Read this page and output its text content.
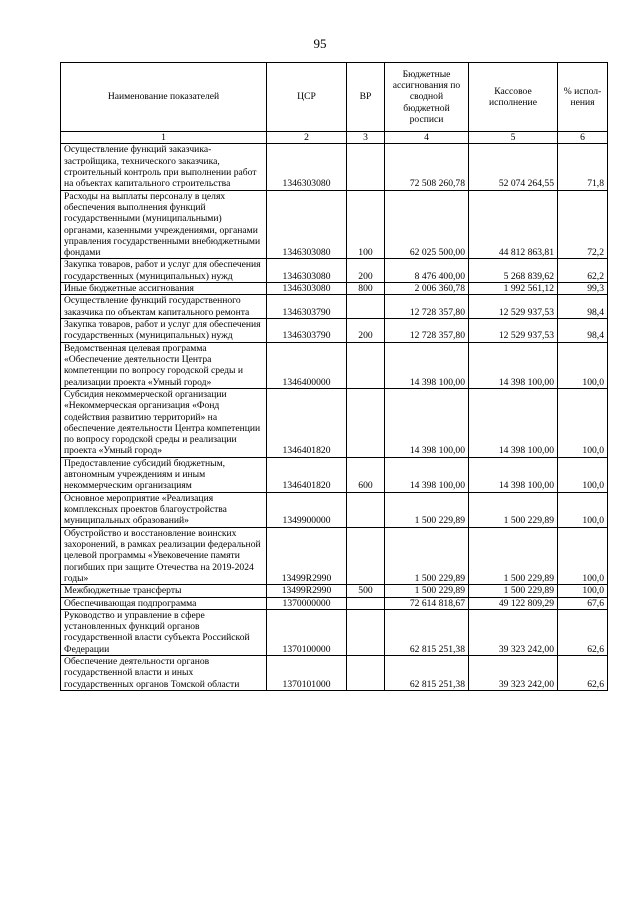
95
Наименование показателей	ЦСР	ВР	Бюджетные ассигнования по сводной бюджетной росписи	Кассовое исполнение	% испол-нения
1	2	3	4	5	6
Осуществление функций заказчика-застройщика, технического заказчика, строительный контроль при выполнении работ на объектах капитального строительства	1346303080		72 508 260,78	52 074 264,55	71,8
Расходы на выплаты персоналу в целях обеспечения выполнения функций государственными (муниципальными) органами, казенными учреждениями, органами управления государственными внебюджетными фондами	1346303080	100	62 025 500,00	44 812 863,81	72,2
Закупка товаров, работ и услуг для обеспечения государственных (муниципальных) нужд	1346303080	200	8 476 400,00	5 268 839,62	62,2
Иные бюджетные ассигнования	1346303080	800	2 006 360,78	1 992 561,12	99,3
Осуществление функций государственного заказчика по объектам капитального ремонта	1346303790		12 728 357,80	12 529 937,53	98,4
Закупка товаров, работ и услуг для обеспечения государственных (муниципальных) нужд	1346303790	200	12 728 357,80	12 529 937,53	98,4
Ведомственная целевая программа «Обеспечение деятельности Центра компетенции по вопросу городской среды и реализации проекта «Умный город»	1346400000		14 398 100,00	14 398 100,00	100,0
Субсидия некоммерческой организации «Некоммерческая организация «Фонд содействия развитию территорий» на обеспечение деятельности Центра компетенции по вопросу городской среды и реализации проекта «Умный город»	1346401820		14 398 100,00	14 398 100,00	100,0
Предоставление субсидий бюджетным, автономным учреждениям и иным некоммерческим организациям	1346401820	600	14 398 100,00	14 398 100,00	100,0
Основное мероприятие «Реализация комплексных проектов благоустройства муниципальных образований»	1349900000		1 500 229,89	1 500 229,89	100,0
Обустройство и восстановление воинских захоронений, в рамках реализации федеральной целевой программы «Увековечение памяти погибших при защите Отечества на 2019-2024 годы»	13499R2990		1 500 229,89	1 500 229,89	100,0
Межбюджетные трансферты	13499R2990	500	1 500 229,89	1 500 229,89	100,0
Обеспечивающая подпрограмма	1370000000		72 614 818,67	49 122 809,29	67,6
Руководство и управление в сфере установленных функций органов государственной власти субъекта Российской Федерации	1370100000		62 815 251,38	39 323 242,00	62,6
Обеспечение деятельности органов государственной власти и иных государственных органов Томской области	1370101000		62 815 251,38	39 323 242,00	62,6
